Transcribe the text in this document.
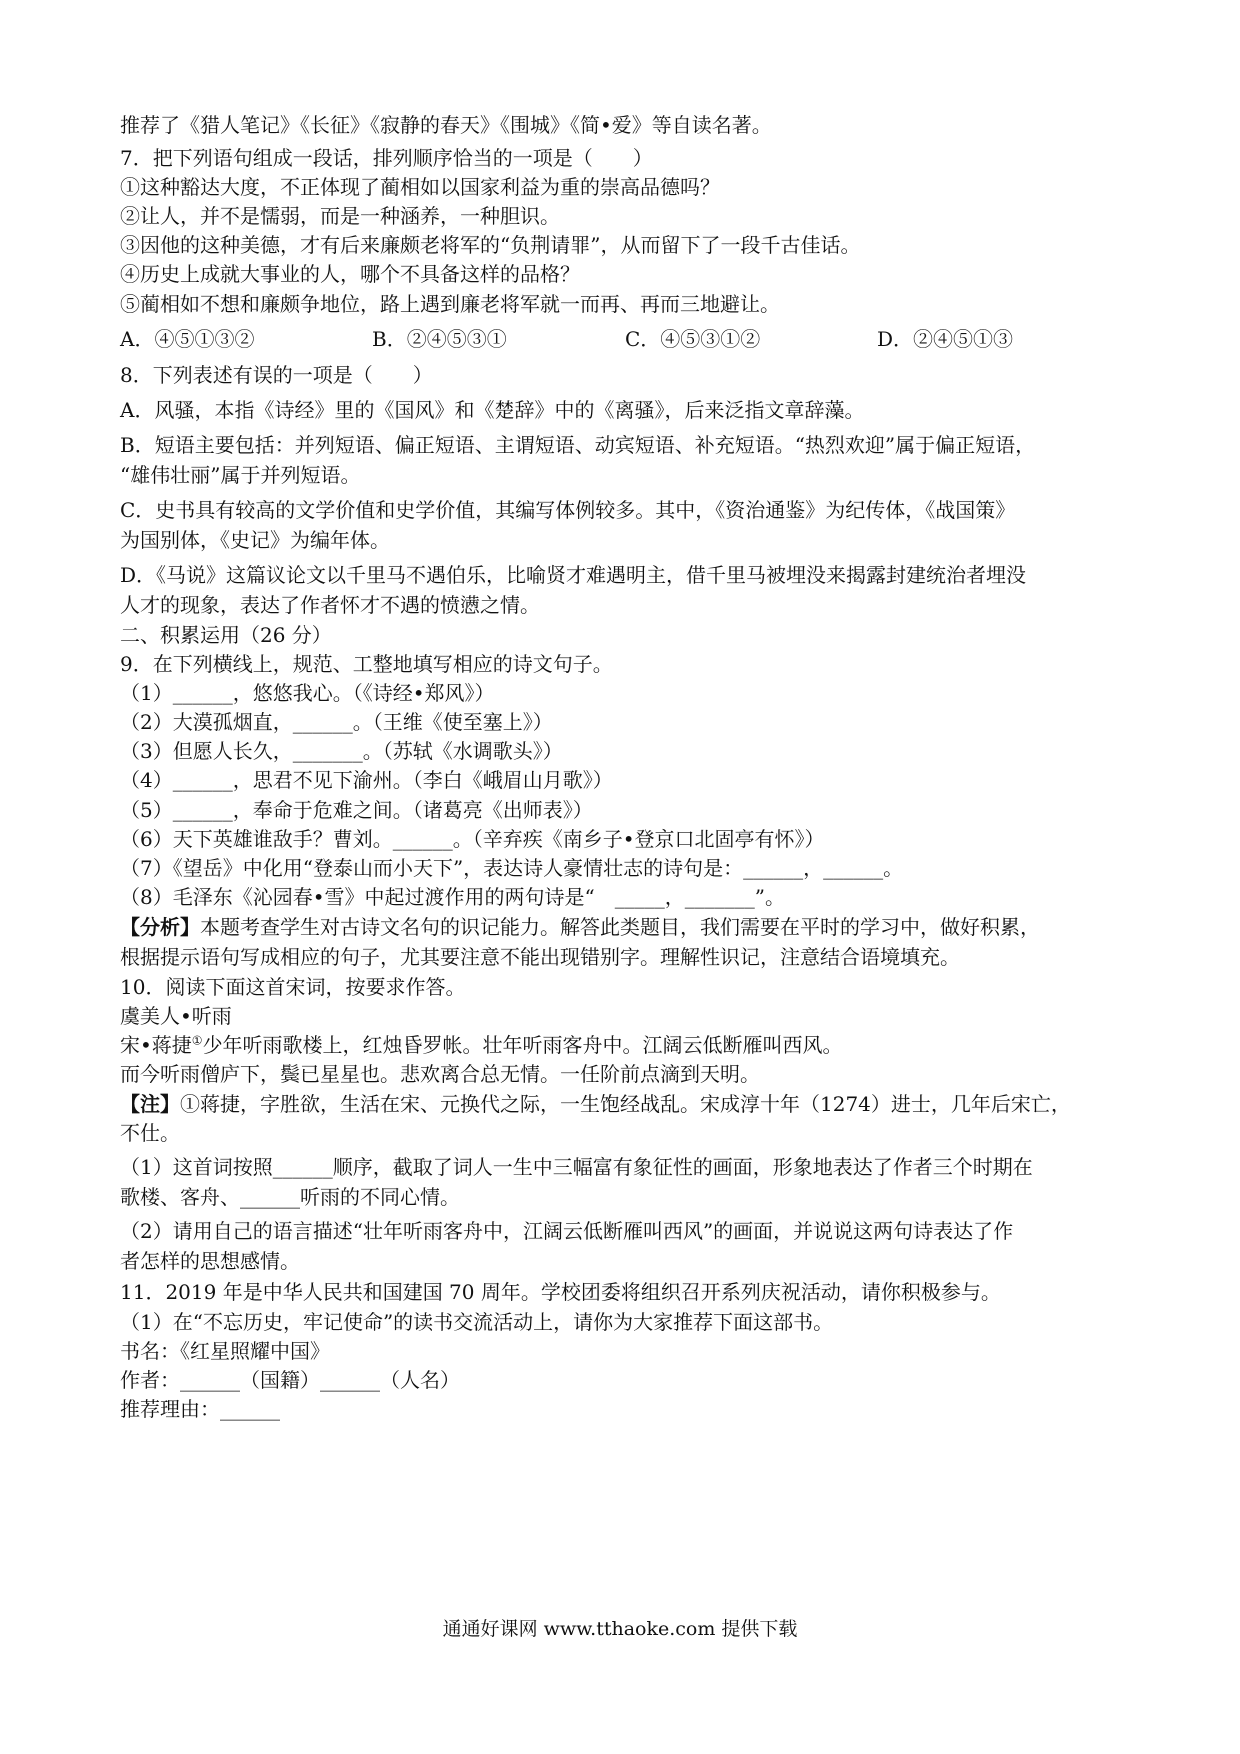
推荐了《猎人笔记》《长征》《寂静的春天》《围城》《简•爱》等自读名著。
7．把下列语句组成一段话，排列顺序恰当的一项是（　　）
①这种豁达大度，不正体现了蔺相如以国家利益为重的崇高品德吗？
②让人，并不是懦弱，而是一种涵养，一种胆识。
③因他的这种美德，才有后来廉颇老将军的“负荆请罪”，从而留下了一段千古佳话。
④历史上成就大事业的人，哪个不具备这样的品格？
⑤蔺相如不想和廉颇争地位，路上遇到廉老将军就一而再、再而三地避让。
A．④⑤①③②	B．②④⑤③①	C．④⑤③①②	D．②④⑤①③
8．下列表述有误的一项是（　　）
A．风骚，本指《诗经》里的《国风》和《楚辞》中的《离骚》，后来泛指文章辞藻。
B．短语主要包括：并列短语、偏正短语、主谓短语、动宾短语、补充短语。“热烈欢迎”属于偏正短语，
“雄伟壮丽”属于并列短语。
C．史书具有较高的文学价值和史学价值，其编写体例较多。其中，《资治通鉴》为纪传体，《战国策》
为国别体，《史记》为编年体。
D．《马说》这篇议论文以千里马不遇伯乐，比喻贤才难遇明主，借千里马被埋没来揭露封建统治者埋没
人才的现象，表达了作者怀才不遇的愤懑之情。
二、积累运用（26 分）
9．在下列横线上，规范、工整地填写相应的诗文句子。
（1）______，悠悠我心。（《诗经•郑风》）
（2）大漠孤烟直，______。（王维《使至塞上》）
（3）但愿人长久，_______。（苏轼《水调歌头》）
（4）______，思君不见下渝州。（李白《峨眉山月歌》）
（5）______，奉命于危难之间。（诸葛亮《出师表》）
（6）天下英雄谁敌手？曹刘。______。（辛弃疾《南乡子•登京口北固亭有怀》）
（7）《望岳》中化用“登泰山而小天下”，表达诗人豪情壮志的诗句是：______，______。
（8）毛泽东《沁园春•雪》中起过渡作用的两句诗是“　_____，_______”。
【分析】本题考查学生对古诗文名句的识记能力。解答此类题目，我们需要在平时的学习中，做好积累，
根据提示语句写成相应的句子，尤其要注意不能出现错别字。理解性识记，注意结合语境填充。
10．阅读下面这首宋词，按要求作答。
虞美人•听雨
宋•蒋捷①少年听雨歌楼上，红烛昏罗帐。壮年听雨客舟中。江阔云低断雁叫西风。
而今听雨僧庐下，鬓已星星也。悲欢离合总无情。一任阶前点滴到天明。
【注】①蒋捷，字胜欲，生活在宋、元换代之际，一生饱经战乱。宋成淳十年（1274）进士，几年后宋亡，
不仕。
（1）这首词按照______顺序，截取了词人一生中三幅富有象征性的画面，形象地表达了作者三个时期在
歌楼、客舟、______听雨的不同心情。
（2）请用自己的语言描述“壮年听雨客舟中，江阔云低断雁叫西风”的画面，并说说这两句诗表达了作
者怎样的思想感情。
11．2019 年是中华人民共和国建国 70 周年。学校团委将组织召开系列庆祝活动，请你积极参与。
（1）在“不忘历史，牢记使命”的读书交流活动上，请你为大家推荐下面这部书。
书名：《红星照耀中国》
作者：______（国籍）______（人名）
推荐理由：______
通通好课网 www.tthaoke.com 提供下载
